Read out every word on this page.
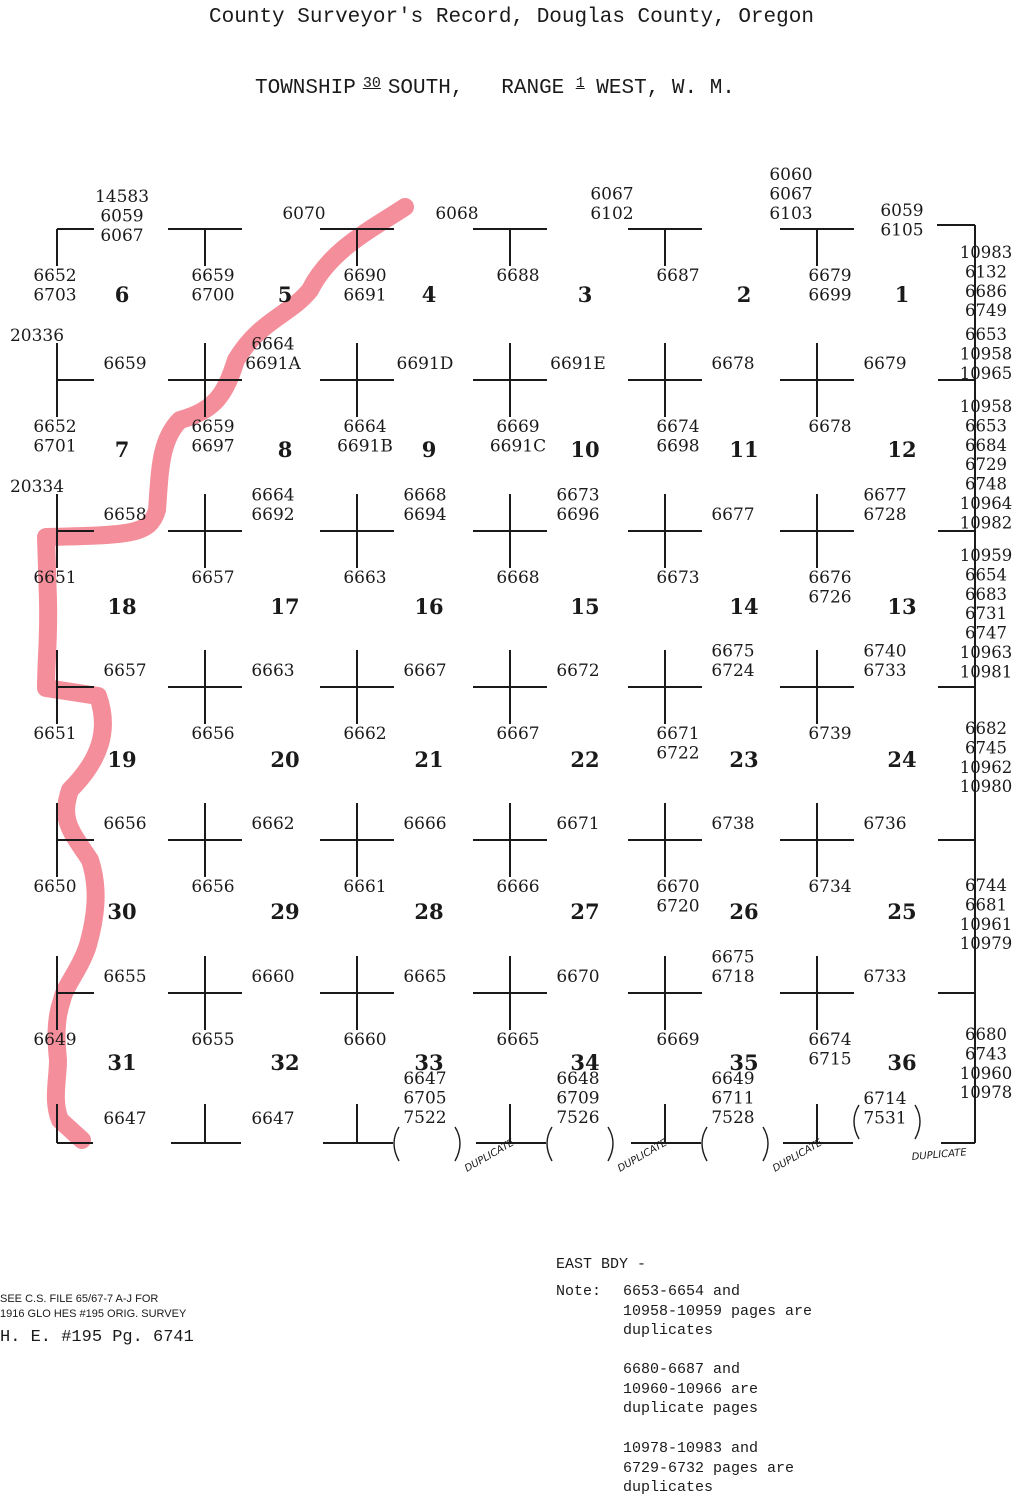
County Surveyor's Record, Douglas County, Oregon
TOWNSHIP 30 SOUTH, RANGE 1 WEST, W. M.
14583 6059 6067
6652 6703
6659 6700
6070
6690 6691
6068
6688
6067 6102
6687
6060 6067 6103
6679 6699
6059 6105
20336
6659
6652 6701
6659 6697
6664 6691A
6664 6691B
6691D
6669 6691C
6691E
6674 6698
6678
6678
6679
20334
6658
6651	6657
6664 6692
6663
6668 6694
6668
6673 6696
6673
6677
6676 6726
6677 6728
6657
6651	6656
6663
6662
6667
6667
6672
6671 6722
6675 6724
6739
6740 6733
6656
6650	6656
6662
6661
6666
6666
6671
6670 6720
6738
6734
6736
6655
6649	6655
6660
6660
6665
6665
6670
6669
6675 6718
6674 6715
6733
6647	6647
6647 6705 7522
6648 6709 7526
6649 6711 7528
6714 7531
6	5	4	3	2	1
7	8	9	10	11	12
18	17	16	15	14	13
19	20	21	22	23	24
30	29	28	27	26	25
31	32	33	34	35	36
10983 6132 6686 6749
6653 10958 10965
10958 6653 6684 6729 6748 10964 10982
10959 6654 6683 6731 6747 10963 10981
6682 6745 10962 10980
6744 6681 10961 10979
6680 6743 10960 10978
DUPLICATE	DUPLICATE	DUPLICATE	DUPLICATE
SEE C.S. FILE 65/67-7 A-J FOR
1916 GLO HES #195 ORIG. SURVEY
H. E. #195 Pg. 6741
EAST BDY -
Note: 6653-6654 and
10958-10959 pages are
duplicates
6680-6687 and
10960-10966 are
duplicate pages
10978-10983 and
6729-6732 pages are
duplicates
